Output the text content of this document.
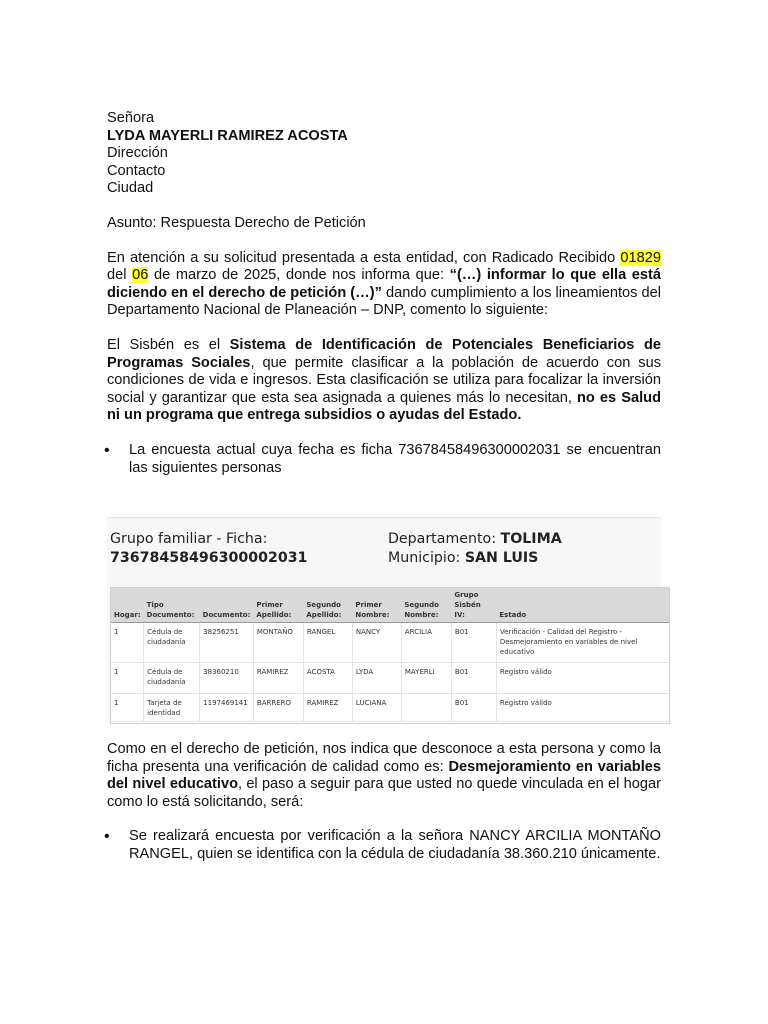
Señora
LYDA MAYERLI RAMIREZ ACOSTA
Dirección
Contacto
Ciudad
Asunto: Respuesta Derecho de Petición

En atención a su solicitud presentada a esta entidad, con Radicado Recibido 01829 del 06 de marzo de 2025, donde nos informa que: “(…) informar lo que ella está diciendo en el derecho de petición (…)” dando cumplimiento a los lineamientos del Departamento Nacional de Planeación – DNP, comento lo siguiente:

El Sisbén es el Sistema de Identificación de Potenciales Beneficiarios de Programas Sociales, que permite clasificar a la población de acuerdo con sus condiciones de vida e ingresos. Esta clasificación se utiliza para focalizar la inversión social y garantizar que esta sea asignada a quienes más lo necesitan, no es Salud ni un programa que entrega subsidios o ayudas del Estado.

• La encuesta actual cuya fecha es ficha 73678458496300002031 se encuentran las siguientes personas
Grupo familiar - Ficha:
73678458496300002031
Departamento: TOLIMA
Municipio: SAN LUIS
Hogar:	Tipo Documento:	Documento:	Primer Apellido:	Segundo Apellido:	Primer Nombre:	Segundo Nombre:	Grupo Sisbén IV:	Estado
1	Cédula de ciudadanía	38256251	MONTAÑO	RANGEL	NANCY	ARCILIA	B01	Verificación - Calidad del Registro - Desmejoramiento en variables de nivel educativo
1	Cédula de ciudadanía	38360210	RAMIREZ	ACOSTA	LYDA	MAYERLI	B01	Registro válido
1	Tarjeta de identidad	1197469141	BARRERO	RAMIREZ	LUCIANA		B01	Registro válido

Como en el derecho de petición, nos indica que desconoce a esta persona y como la ficha presenta una verificación de calidad como es: Desmejoramiento en variables del nivel educativo, el paso a seguir para que usted no quede vinculada en el hogar como lo está solicitando, será:

• Se realizará encuesta por verificación a la señora NANCY ARCILIA MONTAÑO RANGEL, quien se identifica con la cédula de ciudadanía 38.360.210 únicamente.
